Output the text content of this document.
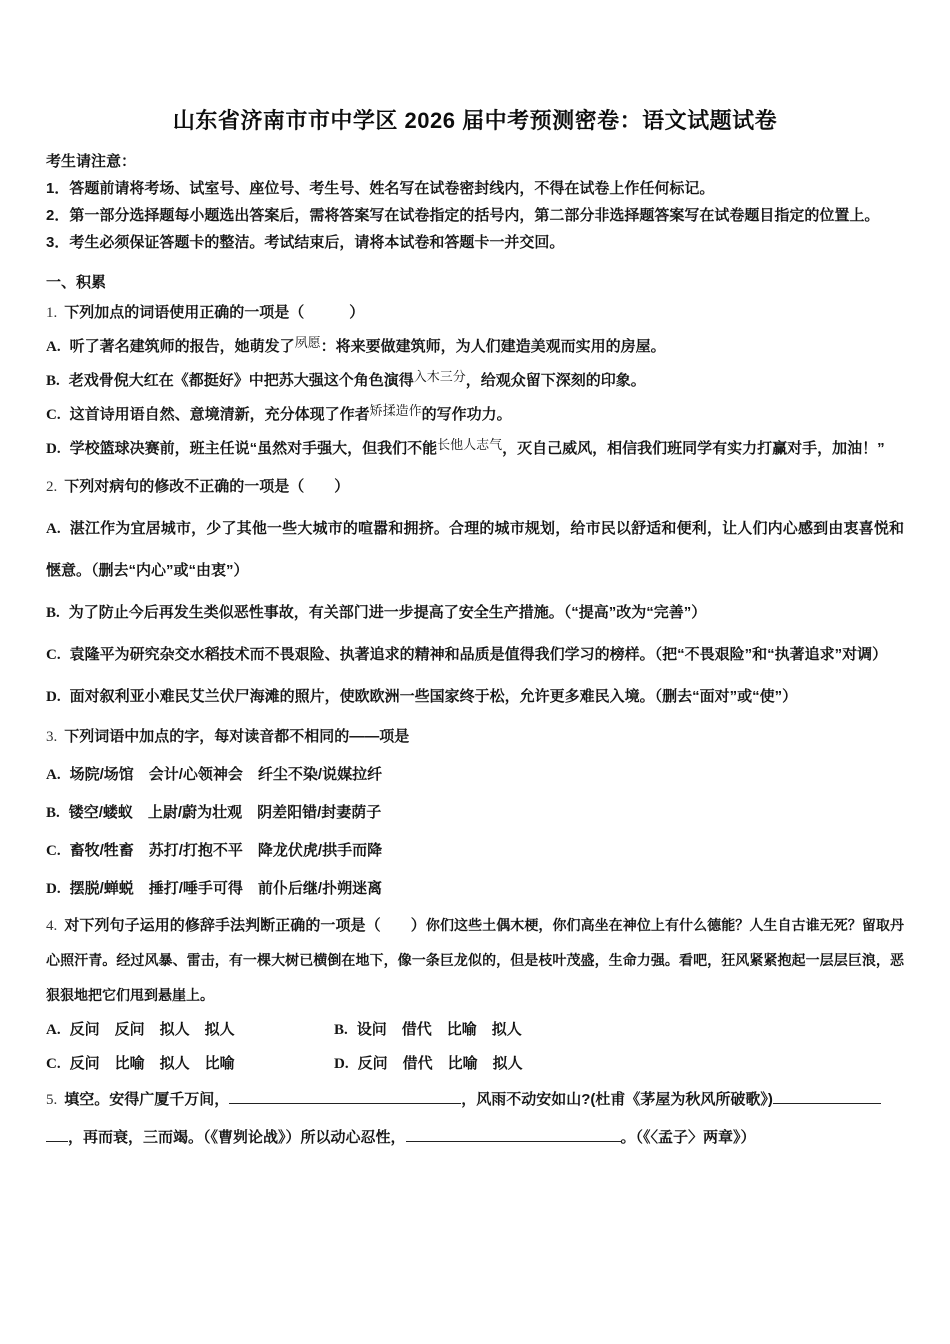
山东省济南市市中学区 2026 届中考预测密卷：语文试题试卷
考生请注意：
1．答题前请将考场、试室号、座位号、考生号、姓名写在试卷密封线内，不得在试卷上作任何标记。
2．第一部分选择题每小题选出答案后，需将答案写在试卷指定的括号内，第二部分非选择题答案写在试卷题目指定的位置上。
3．考生必须保证答题卡的整洁。考试结束后，请将本试卷和答题卡一并交回。
一、积累
1. 下列加点的词语使用正确的一项是（　　　）
A. 听了著名建筑师的报告，她萌发了夙愿：将来要做建筑师，为人们建造美观而实用的房屋。
B. 老戏骨倪大红在《都挺好》中把苏大强这个角色演得入木三分，给观众留下深刻的印象。
C. 这首诗用语自然、意境清新，充分体现了作者矫揉造作的写作功力。
D. 学校篮球决赛前，班主任说“虽然对手强大，但我们不能长他人志气，灭自己威风，相信我们班同学有实力打赢对手，加油！”
2. 下列对病句的修改不正确的一项是（　　）
A. 湛江作为宜居城市，少了其他一些大城市的喧嚣和拥挤。合理的城市规划，给市民以舒适和便利，让人们内心感到由衷喜悦和惬意。（删去“内心”或“由衷”）
B. 为了防止今后再发生类似恶性事故，有关部门进一步提高了安全生产措施。（“提高”改为“完善”）
C. 袁隆平为研究杂交水稻技术而不畏艰险、执著追求的精神和品质是值得我们学习的榜样。（把“不畏艰险”和“执著追求”对调）
D. 面对叙利亚小难民艾兰伏尸海滩的照片，使欧欧洲一些国家终于松，允许更多难民入境。（删去“面对”或“使”）
3. 下列词语中加点的字，每对读音都不相同的——项是
A. 场院/场馆　会计/心领神会　纤尘不染/说媒拉纤
B. 镂空/蝼蚁　上尉/蔚为壮观　阴差阳错/封妻荫子
C. 畜牧/牲畜　苏打/打抱不平　降龙伏虎/拱手而降
D. 摆脱/蝉蜕　捶打/唾手可得　前仆后继/扑朔迷离
4. 对下列句子运用的修辞手法判断正确的一项是（　　）你们这些土偶木梗，你们高坐在神位上有什么德能？人生自古谁无死？留取丹心照汗青。经过风暴、雷击，有一棵大树已横倒在地下，像一条巨龙似的，但是枝叶茂盛，生命力强。看吧，狂风紧紧抱起一层层巨浪，恶狠狠地把它们甩到悬崖上。
A. 反问　反问　拟人　拟人	B. 设问　借代　比喻　拟人
C. 反问　比喻　拟人　比喻	D. 反问　借代　比喻　拟人
5. 填空。安得广厦千万间，	，风雨不动安如山?(杜甫《茅屋为秋风所破歌》)
，再而衰，三而竭。（《曹刿论战》）所以动心忍性，	。（《〈孟子〉两章》）
